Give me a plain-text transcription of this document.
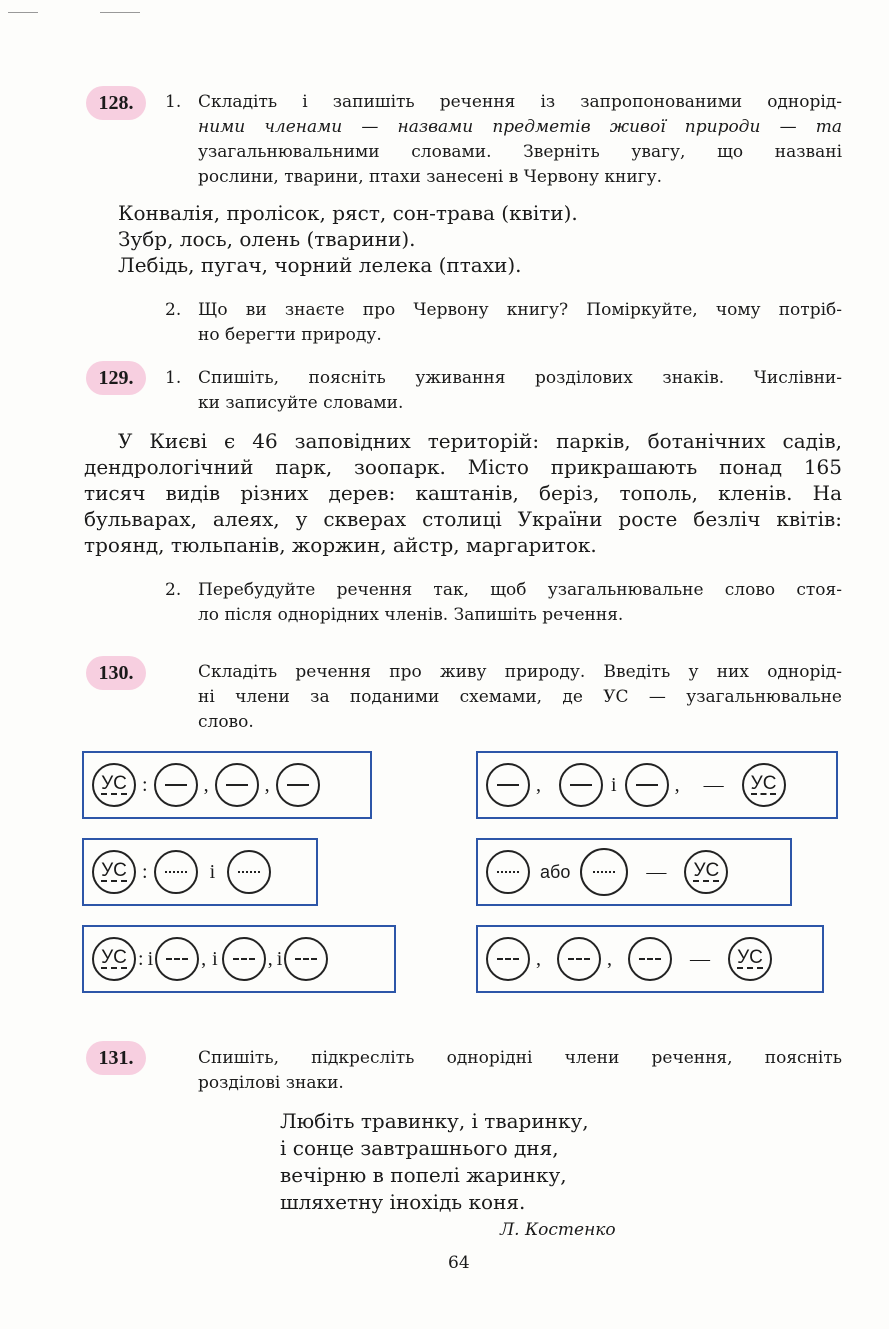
128.	1. Складіть і запишіть речення із запропонованими однорід-
ними членами — назвами предметів живої природи — та
узагальнювальними словами. Зверніть увагу, що названі
рослини, тварини, птахи занесені в Червону книгу.
Конвалія, пролісок, ряст, сон-трава (квіти).
Зубр, лось, олень (тварини).
Лебідь, пугач, чорний лелека (птахи).
2. Що ви знаєте про Червону книгу? Поміркуйте, чому потріб-
но берегти природу.
129.	1. Спишіть, поясніть уживання розділових знаків. Числівни-
ки записуйте словами.
У Києві є 46 заповідних територій: парків, ботанічних садів,
дендрологічний парк, зоопарк. Місто прикрашають понад 165
тисяч видів різних дерев: каштанів, беріз, тополь, кленів. На
бульварах, алеях, у скверах столиці України росте безліч квітів:
троянд, тюльпанів, жоржин, айстр, маргариток.
2. Перебудуйте речення так, щоб узагальнювальне слово стоя-
ло після однорідних членів. Запишіть речення.
130.	Складіть речення про живу природу. Введіть у них однорід-
ні члени за поданими схемами, де УС — узагальнювальне
слово.
УС :	,	,
УС :	і
УС : і , і	, і
,	і	, — УС
або	— УС
,	,	— УС
131.	Спишіть, підкресліть однорідні члени речення, поясніть
розділові знаки.
Любіть травинку, і тваринку,
і сонце завтрашнього дня,
вечірню в попелі жаринку,
шляхетну інохідь коня.
Л. Костенко
64
